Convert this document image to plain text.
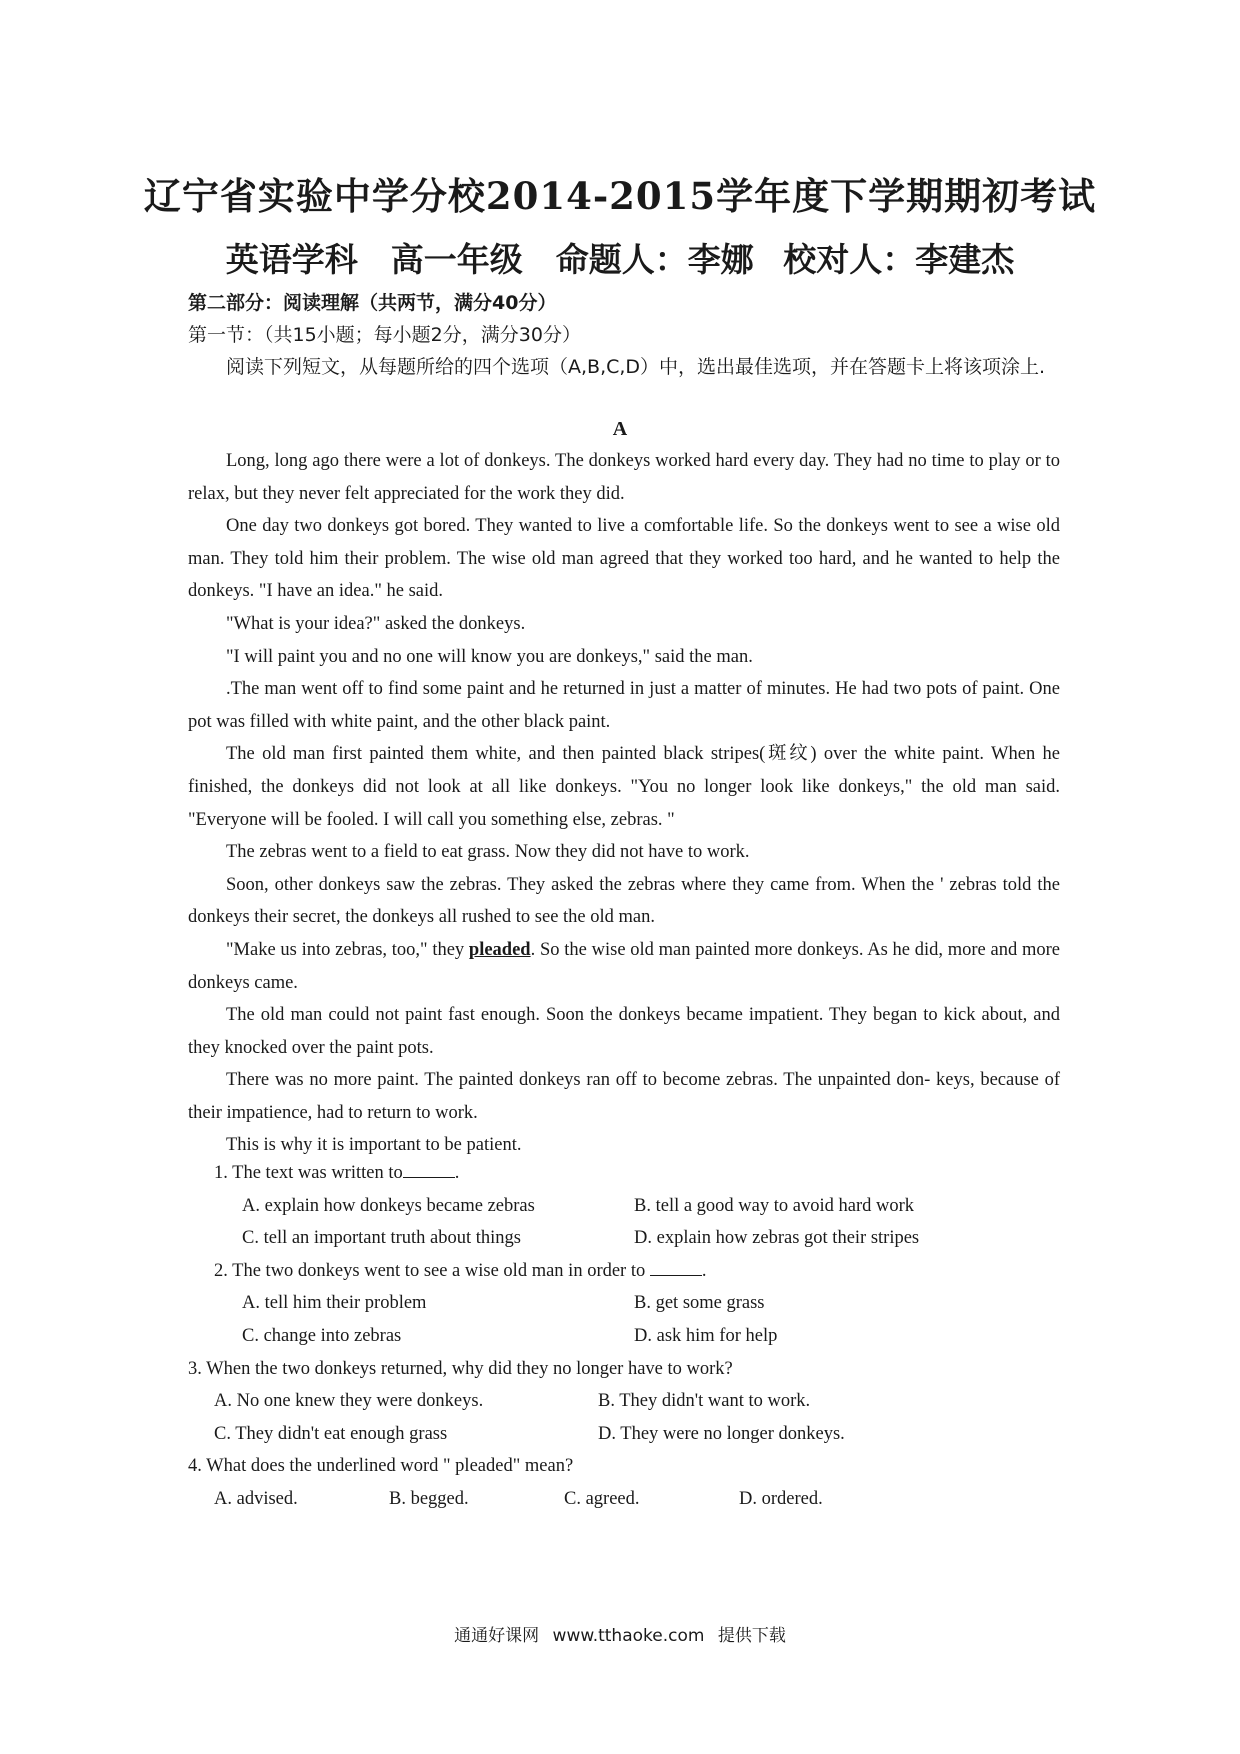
辽宁省实验中学分校2014-2015学年度下学期期初考试
英语学科　高一年级　命题人：李娜 校对人：李建杰
第二部分：阅读理解（共两节，满分40分）
第一节：（共15小题；每小题2分，满分30分）
阅读下列短文，从每题所给的四个选项（A,B,C,D）中，选出最佳选项，并在答题卡上将该项涂上.
A

Long, long ago there were a lot of donkeys. The donkeys worked hard every day. They had no time to play or to relax, but they never felt appreciated for the work they did.

One day two donkeys got bored. They wanted to live a comfortable life. So the donkeys went to see a wise old man. They told him their problem. The wise old man agreed that they worked too hard, and he wanted to help the donkeys. "I have an idea." he said.

"What is your idea?" asked the donkeys.

"I will paint you and no one will know you are donkeys," said the man.

.The man went off to find some paint and he returned in just a matter of minutes. He had two pots of paint. One pot was filled with white paint, and the other black paint.

The old man first painted them white, and then painted black stripes(斑纹) over the white paint. When he finished, the donkeys did not look at all like donkeys. "You no longer look like donkeys," the old man said. "Everyone will be fooled. I will call you something else, zebras. "

The zebras went to a field to eat grass. Now they did not have to work.

Soon, other donkeys saw the zebras. They asked the zebras where they came from. When the ' zebras told the donkeys their secret, the donkeys all rushed to see the old man.

"Make us into zebras, too," they pleaded. So the wise old man painted more donkeys. As he did, more and more donkeys came.

The old man could not paint fast enough. Soon the donkeys became impatient. They began to kick about, and they knocked over the paint pots.

There was no more paint. The painted donkeys ran off to become zebras. The unpainted don- keys, because of their impatience, had to return to work.

This is why it is important to be patient.

1. The text was written to	.

A. explain how donkeys became zebras	B. tell a good way to avoid hard work
C. tell an important truth about things	D. explain how zebras got their stripes

2. The two donkeys went to see a wise old man in order to	.

A. tell him their problem	B. get some grass
C. change into zebras	D. ask him for help

3. When the two donkeys returned, why did they no longer have to work?

A. No one knew they were donkeys.	B. They didn't want to work.
C. They didn't eat enough grass	D. They were no longer donkeys.

4. What does the underlined word " pleaded" mean?

A. advised.	B. begged.	C. agreed.	D. ordered.
通通好课网 www.tthaoke.com 提供下载
